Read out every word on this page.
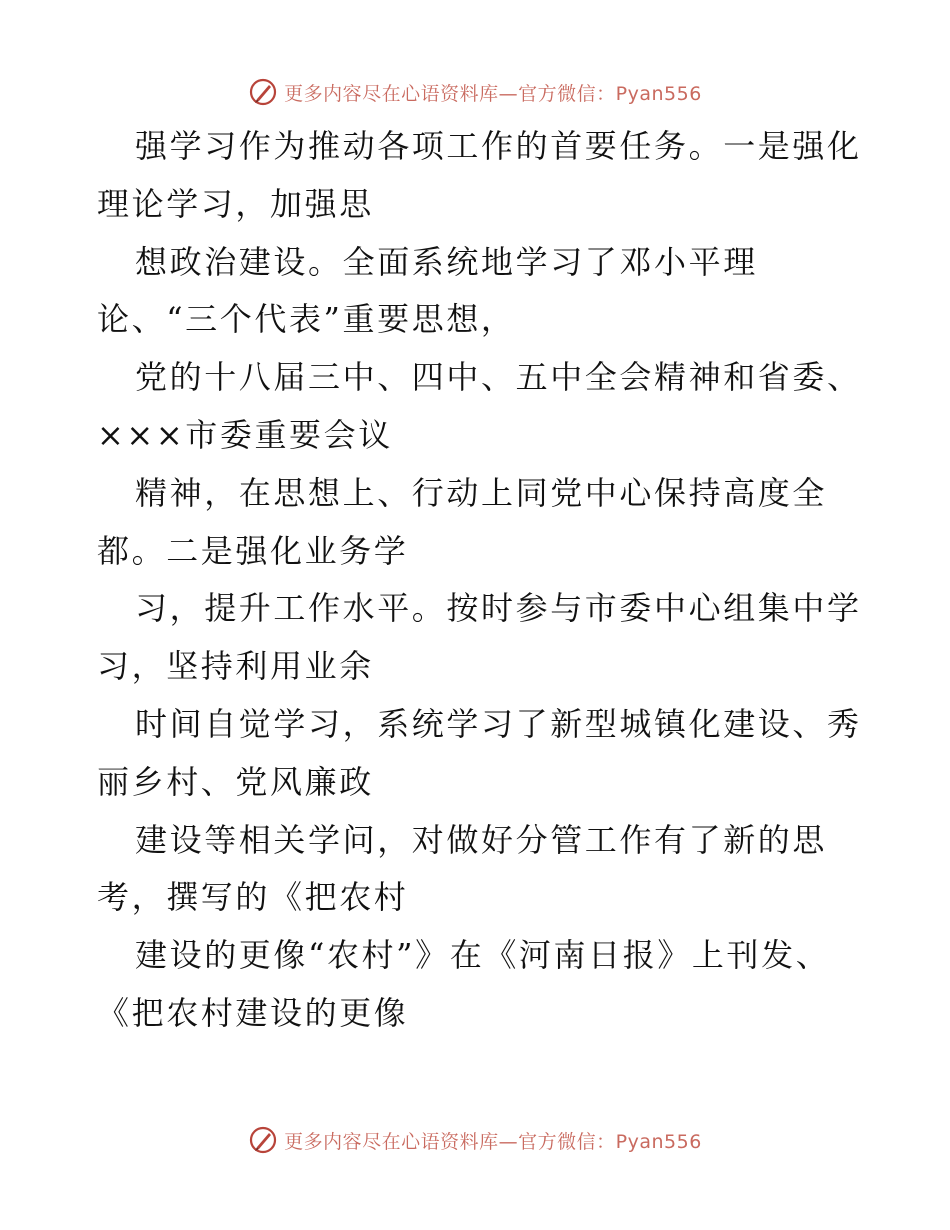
更多内容尽在心语资料库—官方微信：Pyan556
强学习作为推动各项工作的首要任务。一是强化
理论学习，加强思
想政治建设。全面系统地学习了邓小平理
论、“三个代表”重要思想，
党的十八届三中、四中、五中全会精神和省委、
×××市委重要会议
精神，在思想上、行动上同党中心保持高度全
都。二是强化业务学
习，提升工作水平。按时参与市委中心组集中学
习，坚持利用业余
时间自觉学习，系统学习了新型城镇化建设、秀
丽乡村、党风廉政
建设等相关学问，对做好分管工作有了新的思
考，撰写的《把农村
建设的更像“农村”》在《河南日报》上刊发、
《把农村建设的更像
更多内容尽在心语资料库—官方微信：Pyan556
